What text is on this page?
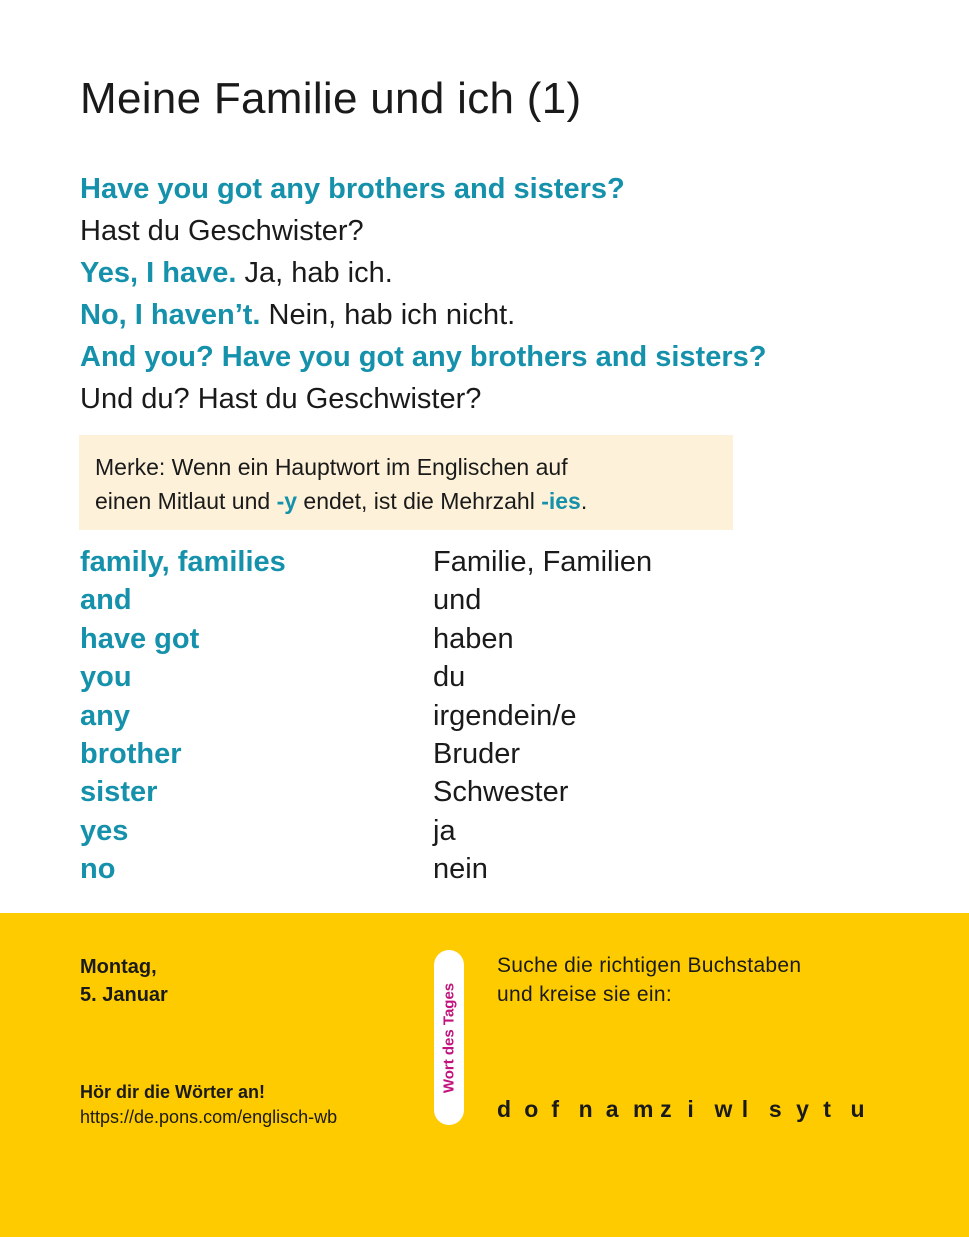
Meine Familie und ich (1)
Have you got any brothers and sisters?
Hast du Geschwister?
Yes, I have. Ja, hab ich.
No, I haven’t. Nein, hab ich nicht.
And you? Have you got any brothers and sisters?
Und du? Hast du Geschwister?
Merke: Wenn ein Hauptwort im Englischen auf
einen Mitlaut und -y endet, ist die Mehrzahl -ies.
family, families	Familie, Familien
and	und
have got	haben
you	du
any	irgendein/e
brother	Bruder
sister	Schwester
yes	ja
no	nein
Montag,
5. Januar
Hör dir die Wörter an!
https://de.pons.com/englisch-wb
Wort des Tages
Suche die richtigen Buchstaben
und kreise sie ein:
d o f n a m z i w l s y t u
